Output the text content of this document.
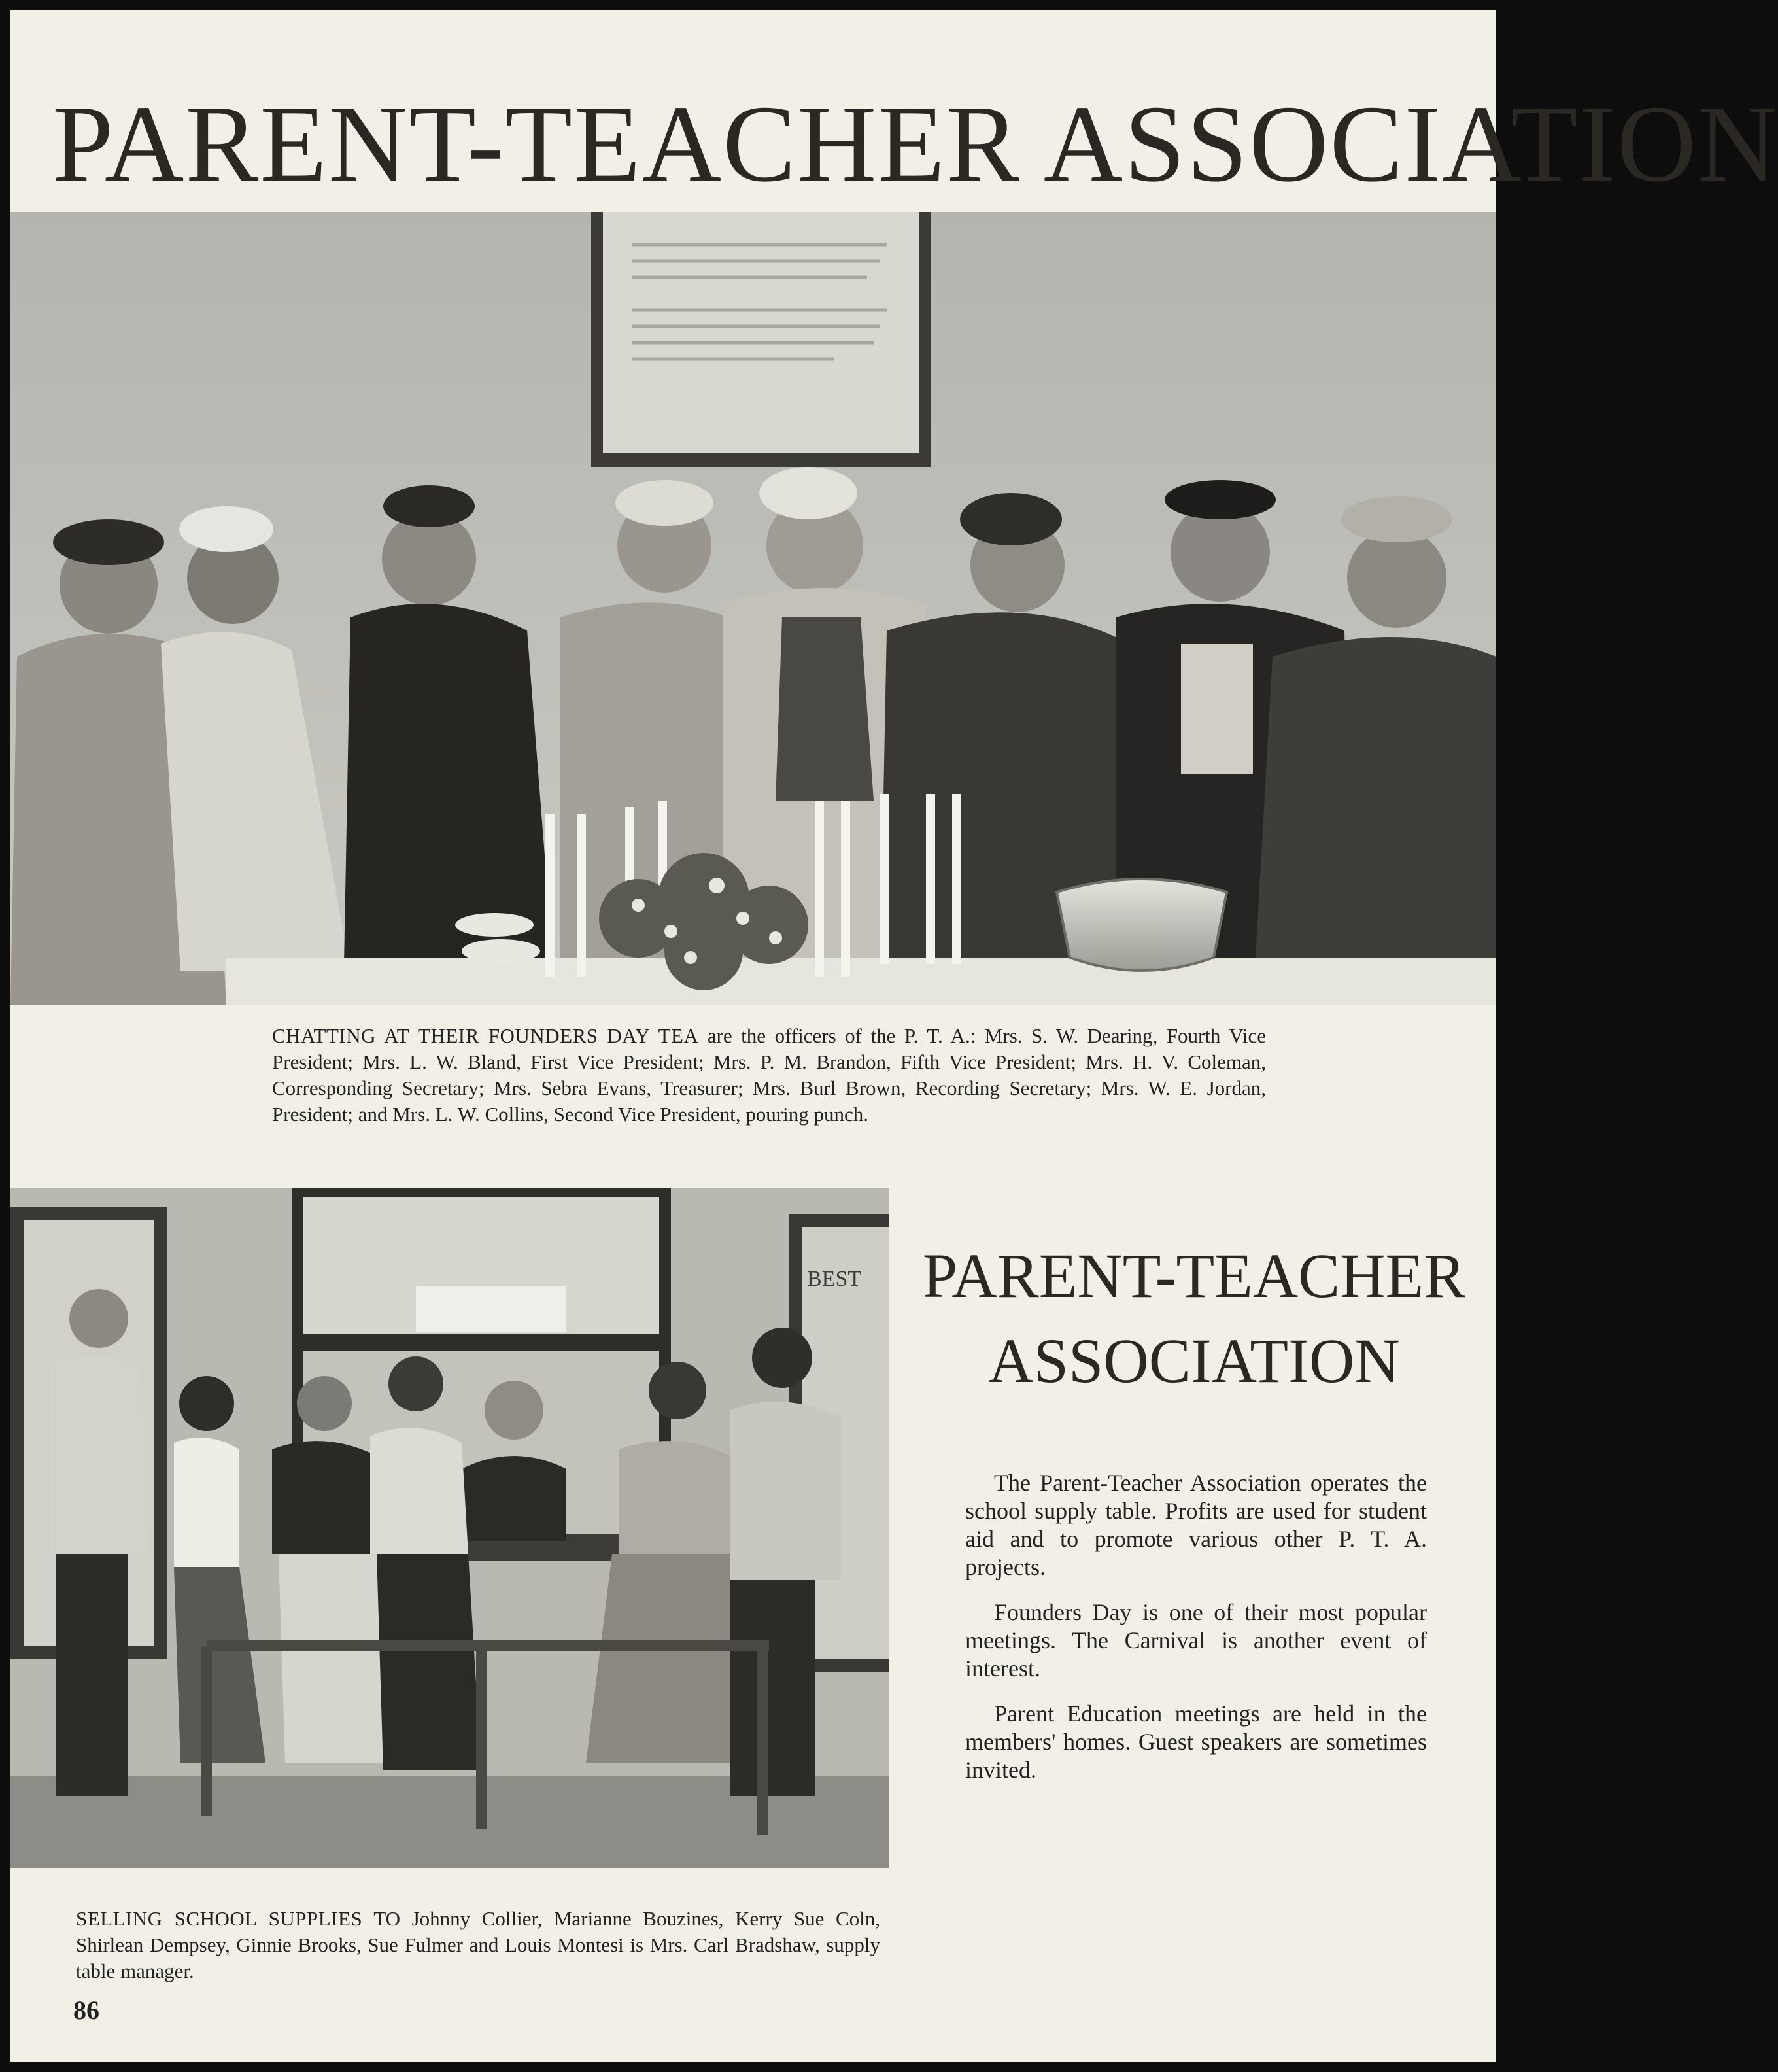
PARENT-TEACHER ASSOCIATION

CHATTING AT THEIR FOUNDERS DAY TEA are the officers of the P. T. A.: Mrs. S. W. Dearing, Fourth Vice President; Mrs. L. W. Bland, First Vice President; Mrs. P. M. Brandon, Fifth Vice President; Mrs. H. V. Coleman, Corresponding Secretary; Mrs. Sebra Evans, Treasurer; Mrs. Burl Brown, Recording Secretary; Mrs. W. E. Jordan, President; and Mrs. L. W. Collins, Second Vice President, pouring punch.

BEST

SELLING SCHOOL SUPPLIES TO Johnny Collier, Marianne Bouzines, Kerry Sue Coln, Shirlean Dempsey, Ginnie Brooks, Sue Fulmer and Louis Montesi is Mrs. Carl Bradshaw, supply table manager.

PARENT-TEACHER
ASSOCIATION

The Parent-Teacher Association operates the school supply table. Profits are used for student aid and to promote various other P. T. A. projects.

Founders Day is one of their most popular meetings. The Carnival is another event of interest.

Parent Education meetings are held in the members' homes. Guest speakers are sometimes invited.

86
